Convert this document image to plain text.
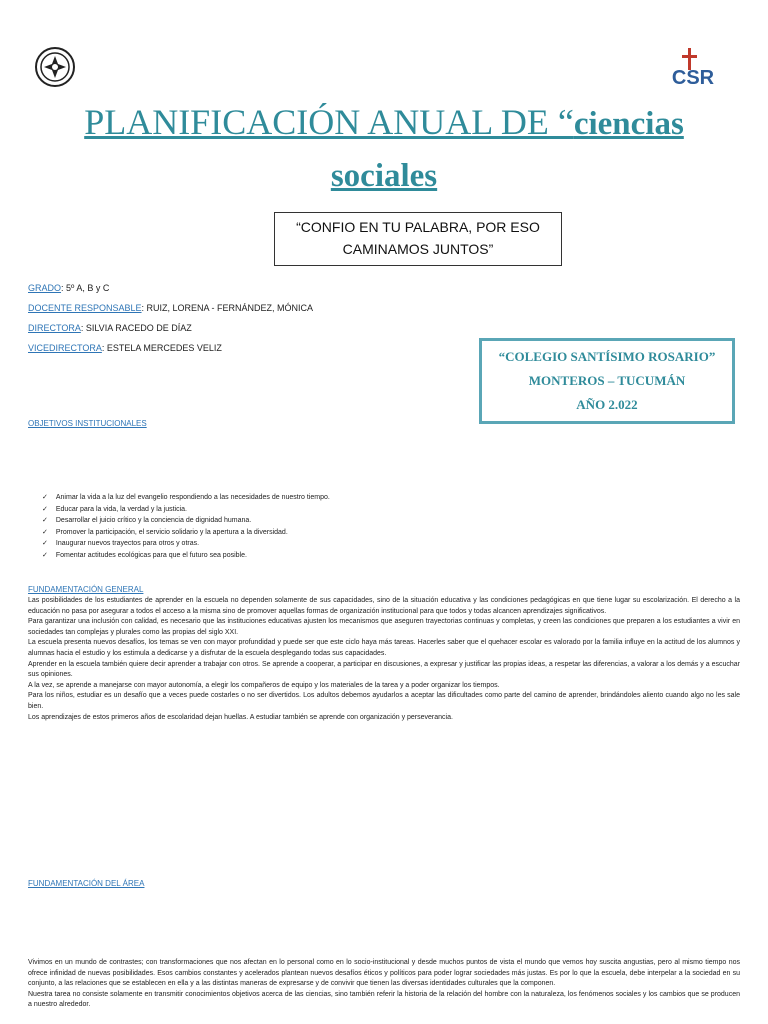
CSR
PLANIFICACIÓN ANUAL DE “ciencias
sociales
“CONFIO EN TU PALABRA, POR ESO
CAMINAMOS JUNTOS”
GRADO: 5º A, B y C
DOCENTE RESPONSABLE: RUIZ, LORENA - FERNÁNDEZ, MÓNICA
DIRECTORA: SILVIA RACEDO DE DÍAZ
VICEDIRECTORA: ESTELA MERCEDES VELIZ
“COLEGIO SANTÍSIMO ROSARIO”
MONTEROS – TUCUMÁN
AÑO 2.022
OBJETIVOS INSTITUCIONALES
✓ Animar la vida a la luz del evangelio respondiendo a las necesidades de nuestro tiempo.
✓ Educar para la vida, la verdad y la justicia.
✓ Desarrollar el juicio crítico y la conciencia de dignidad humana.
✓ Promover la participación, el servicio solidario y la apertura a la diversidad.
✓ Inaugurar nuevos trayectos para otros y otras.
✓ Fomentar actitudes ecológicas para que el futuro sea posible.
FUNDAMENTACIÓN GENERAL

Las posibilidades de los estudiantes de aprender en la escuela no dependen solamente de sus capacidades, sino de la situación educativa y las condiciones pedagógicas en que tiene lugar su escolarización. El derecho a la educación no pasa por asegurar a todos el acceso a la misma sino de promover aquellas formas de organización institucional para que todos y todas alcancen aprendizajes significativos.

Para garantizar una inclusión con calidad, es necesario que las instituciones educativas ajusten los mecanismos que aseguren trayectorias continuas y completas, y creen las condiciones que preparen a los estudiantes a vivir en sociedades tan complejas y plurales como las propias del siglo XXI.

La escuela presenta nuevos desafíos, los temas se ven con mayor profundidad y puede ser que este ciclo haya más tareas. Hacerles saber que el quehacer escolar es valorado por la familia influye en la actitud de los alumnos y alumnas hacia el estudio y los estimula a dedicarse y a disfrutar de la escuela desplegando todas sus capacidades.

Aprender en la escuela también quiere decir aprender a trabajar con otros. Se aprende a cooperar, a participar en discusiones, a expresar y justificar las propias ideas, a respetar las diferencias, a valorar a los demás y a escuchar sus opiniones.

A la vez, se aprende a manejarse con mayor autonomía, a elegir los compañeros de equipo y los materiales de la tarea y a poder organizar los tiempos.

Para los niños, estudiar es un desafío que a veces puede costarles o no ser divertidos. Los adultos debemos ayudarlos a aceptar las dificultades como parte del camino de aprender, brindándoles aliento cuando algo no les sale bien.

Los aprendizajes de estos primeros años de escolaridad dejan huellas. A estudiar también se aprende con organización y perseverancia.

FUNDAMENTACIÓN DEL ÁREA

Vivimos en un mundo de contrastes; con transformaciones que nos afectan en lo personal como en lo socio-institucional y desde muchos puntos de vista el mundo que vemos hoy suscita angustias, pero al mismo tiempo nos ofrece infinidad de nuevas posibilidades. Esos cambios constantes y acelerados plantean nuevos desafíos éticos y políticos para poder lograr sociedades más justas. Es por lo que la escuela, debe interpelar a la sociedad en su conjunto, a las relaciones que se establecen en ella y a las distintas maneras de expresarse y de convivir que tienen las diversas identidades culturales que la componen.

Nuestra tarea no consiste solamente en transmitir conocimientos objetivos acerca de las ciencias, sino también referir la historia de la relación del hombre con la naturaleza, los fenómenos sociales y los cambios que se producen a nuestro alrededor.
